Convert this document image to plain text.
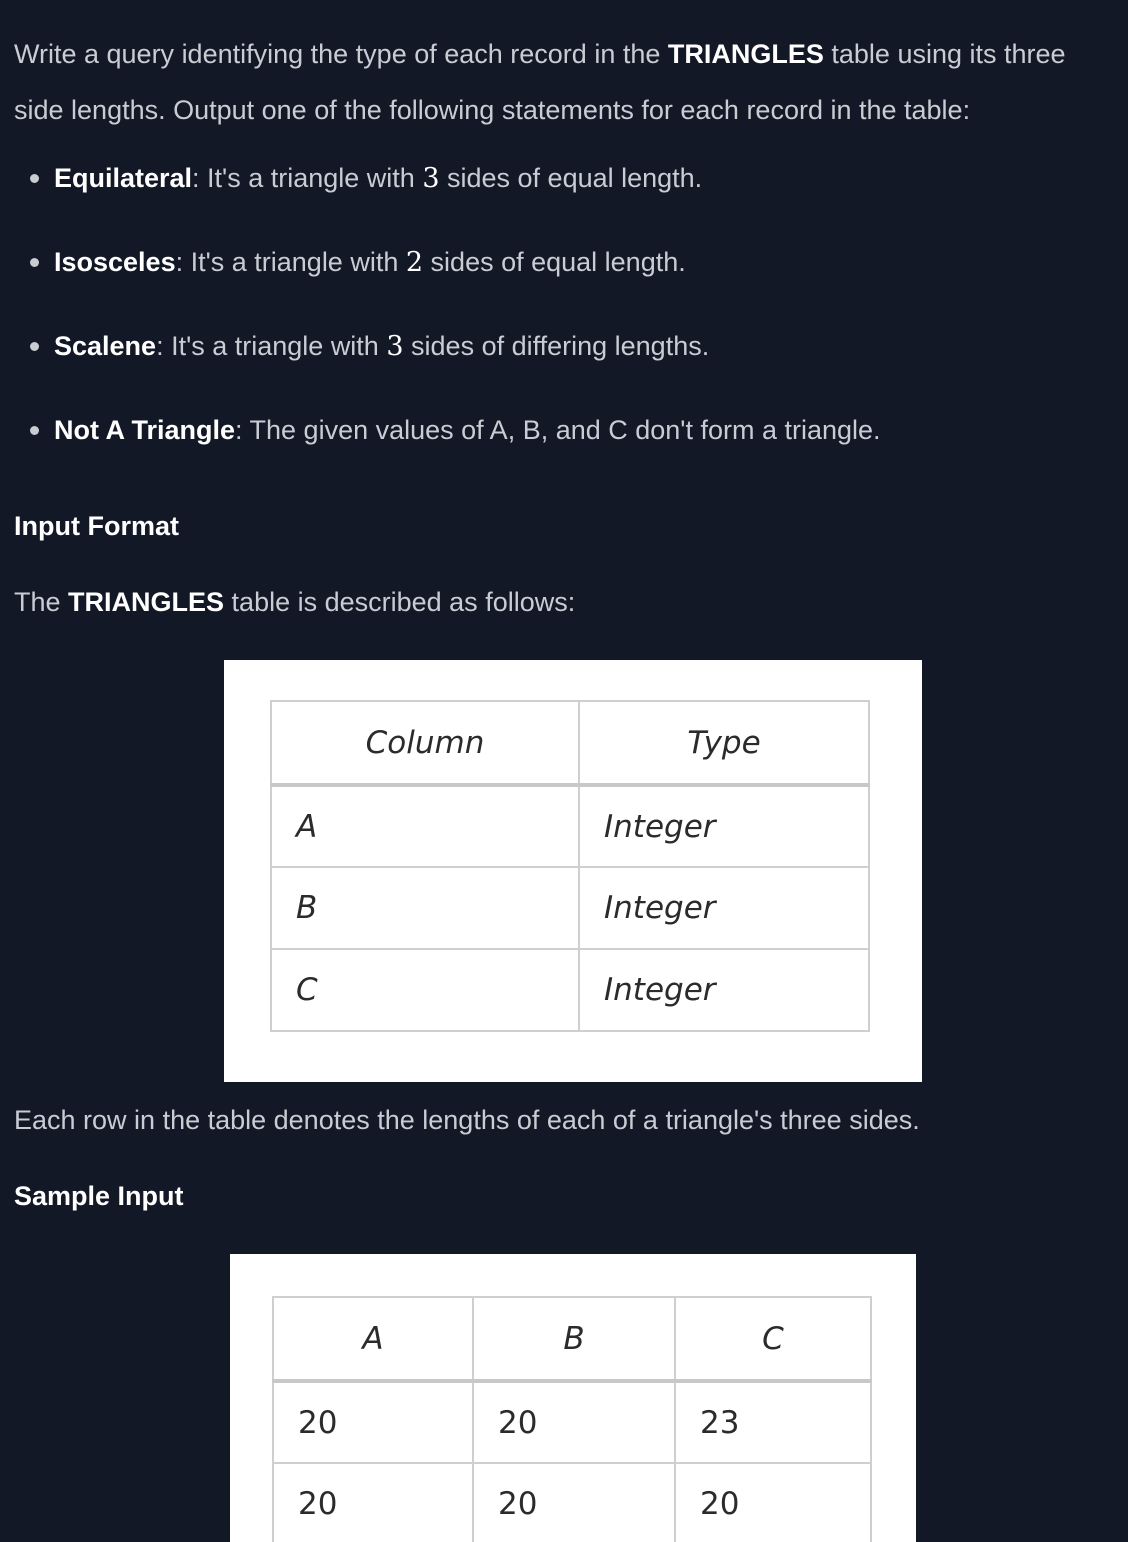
Write a query identifying the type of each record in the TRIANGLES table using its three side lengths. Output one of the following statements for each record in the table:

Equilateral: It's a triangle with 3 sides of equal length.
Isosceles: It's a triangle with 2 sides of equal length.
Scalene: It's a triangle with 3 sides of differing lengths.
Not A Triangle: The given values of A, B, and C don't form a triangle.
Input Format

The TRIANGLES table is described as follows:

Each row in the table denotes the lengths of each of a triangle's three sides.

Sample Input
Column	Type
A	Integer
B	Integer
C	Integer
A	B	C
20	20	23
20	20	20
